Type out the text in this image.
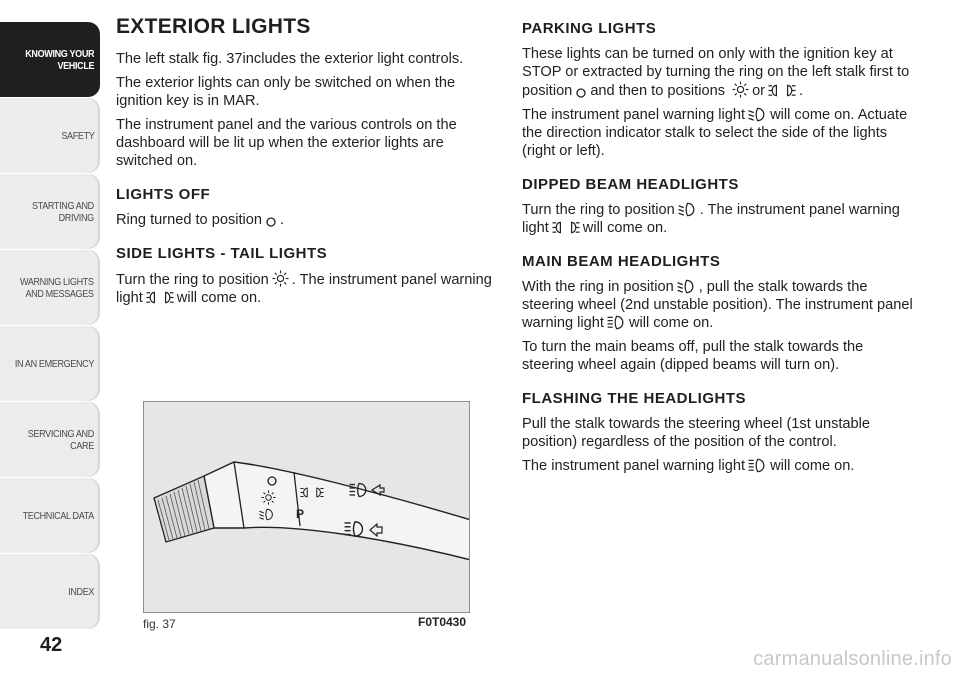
KNOWING YOUR
VEHICLE
SAFETY
STARTING AND
DRIVING
WARNING LIGHTS
AND MESSAGES
IN AN EMERGENCY
SERVICING AND
CARE
TECHNICAL DATA
INDEX
42
EXTERIOR LIGHTS

The left stalk fig. 37includes the exterior light controls.

The exterior lights can only be switched on when the ignition key is in MAR.

The instrument panel and the various controls on the dashboard will be lit up when the exterior lights are switched on.

LIGHTS OFF

Ring turned to position .

SIDE LIGHTS - TAIL LIGHTS

Turn the ring to position . The instrument panel warning light will come on.

P
fig. 37	F0T0430
PARKING LIGHTS

These lights can be turned on only with the ignition key at STOP or extracted by turning the ring on the left stalk first to position and then to positions or .

The instrument panel warning light will come on. Actuate the direction indicator stalk to select the side of the lights (right or left).

DIPPED BEAM HEADLIGHTS

Turn the ring to position . The instrument panel warning light will come on.

MAIN BEAM HEADLIGHTS

With the ring in position , pull the stalk towards the steering wheel (2nd unstable position). The instrument panel warning light will come on.

To turn the main beams off, pull the stalk towards the steering wheel again (dipped beams will turn on).

FLASHING THE HEADLIGHTS

Pull the stalk towards the steering wheel (1st unstable position) regardless of the position of the control.

The instrument panel warning light will come on.

carmanualsonline.info
